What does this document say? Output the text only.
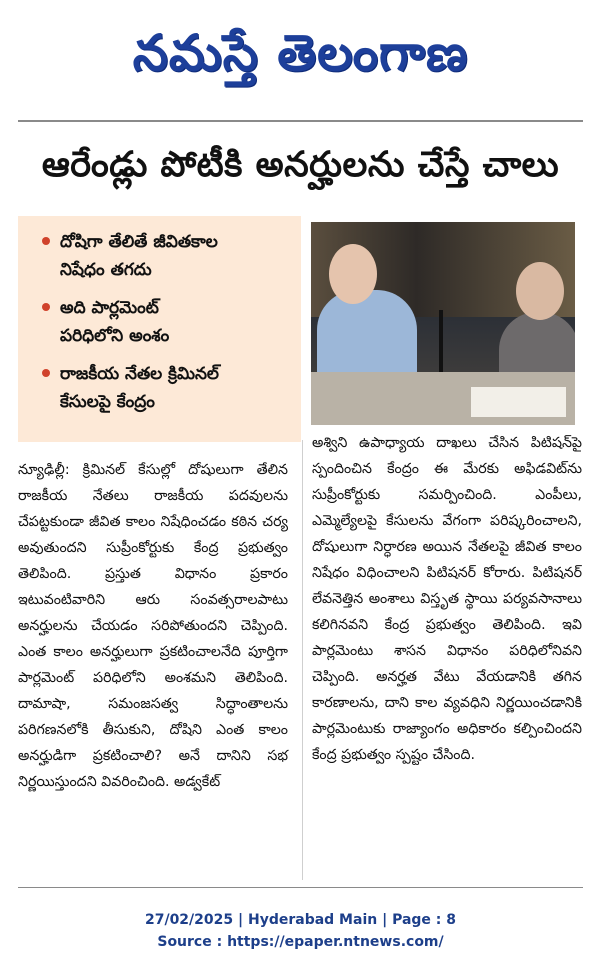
నమస్తే తెలంగాణ
ఆరేండ్లు పోటీకి అనర్హులను చేస్తే చాలు
దోషిగా తేలితే జీవితకాల
నిషేధం తగదు
అది పార్లమెంట్
పరిధిలోని అంశం
రాజకీయ నేతల క్రిమినల్
కేసులపై కేంద్రం
న్యూఢిల్లీ: క్రిమినల్ కేసుల్లో దోషులుగా తేలిన రాజకీయ నేతలు రాజకీయ పదవులను చేపట్టకుండా జీవిత కాలం నిషేధించడం కఠిన చర్య అవుతుందని సుప్రీంకోర్టుకు కేంద్ర ప్రభుత్వం తెలిపింది. ప్రస్తుత విధానం ప్రకారం ఇటువంటివారిని ఆరు సంవత్సరాలపాటు అనర్హులను చేయడం సరిపోతుందని చెప్పింది. ఎంత కాలం అనర్హులుగా ప్రకటించాలనేది పూర్తిగా పార్లమెంట్ పరిధిలోని అంశమని తెలిపింది. దామాషా, సమంజసత్వ సిద్ధాంతాలను పరిగణనలోకి తీసుకుని, దోషిని ఎంత కాలం అనర్హుడిగా ప్రకటించాలి? అనే దానిని సభ నిర్ణయిస్తుందని వివరించింది. అడ్వకేట్
అశ్విని ఉపాధ్యాయ దాఖలు చేసిన పిటిషన్‌పై స్పందించిన కేంద్రం ఈ మేరకు అఫిడవిట్‌ను సుప్రీంకోర్టుకు సమర్పించింది. ఎంపీలు, ఎమ్మెల్యేలపై కేసులను వేగంగా పరిష్కరించాలని, దోషులుగా నిర్ధారణ అయిన నేతలపై జీవిత కాలం నిషేధం విధించాలని పిటిషనర్ కోరారు. పిటిషనర్ లేవనెత్తిన అంశాలు విస్తృత స్థాయి పర్యవసానాలు కలిగినవని కేంద్ర ప్రభుత్వం తెలిపింది. ఇవి పార్లమెంటు శాసన విధానం పరిధిలోనివని చెప్పింది. అనర్హత వేటు వేయడానికి తగిన కారణాలను, దాని కాల వ్యవధిని నిర్ణయించడానికి పార్లమెంటుకు రాజ్యాంగం అధికారం కల్పించిందని కేంద్ర ప్రభుత్వం స్పష్టం చేసింది.
27/02/2025 | Hyderabad Main | Page : 8
Source : https://epaper.ntnews.com/
